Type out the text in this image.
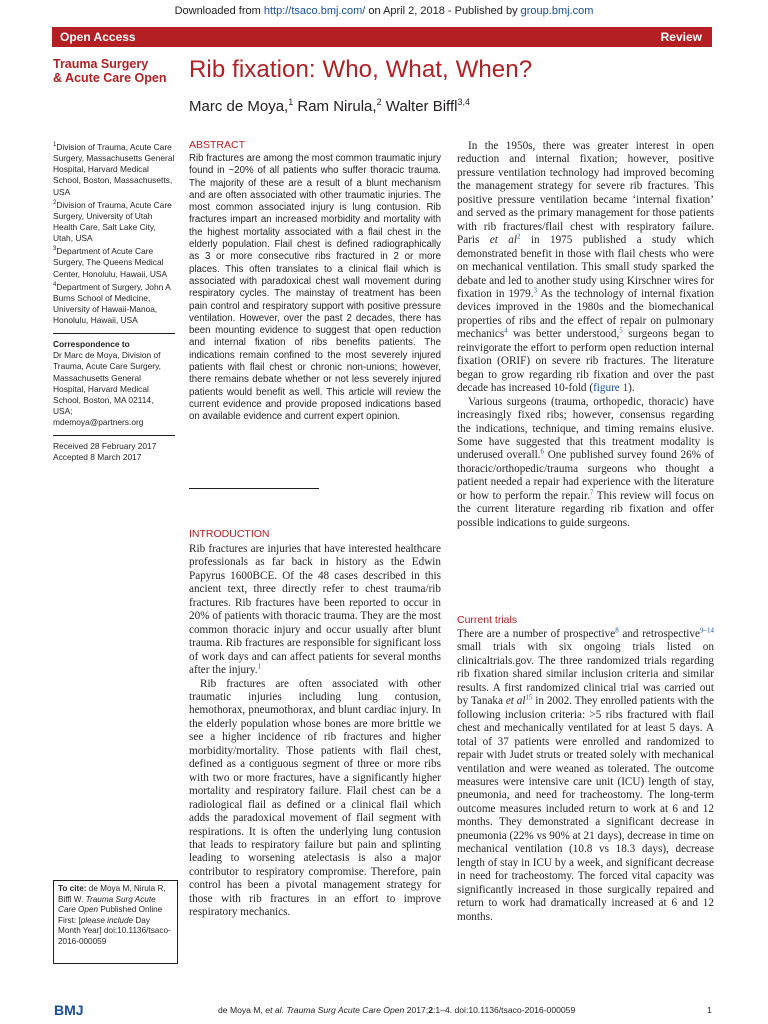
Downloaded from http://tsaco.bmj.com/ on April 2, 2018 - Published by group.bmj.com
Open Access	Review
Trauma Surgery
& Acute Care Open Rib fixation: Who, What, When?
Marc de Moya,$^1$ Ram Nirula,$^2$ Walter Biffl$^{3,4}$

$^1$Division of Trauma, Acute Care Surgery, Massachusetts General Hospital, Harvard Medical School, Boston, Massachusetts, USA

$^2$Division of Trauma, Acute Care Surgery, University of Utah Health Care, Salt Lake City, Utah, USA

$^3$Department of Acute Care Surgery, The Queens Medical Center, Honolulu, Hawaii, USA

$^4$Department of Surgery, John A Burns School of Medicine, University of Hawaii-Manoa, Honolulu, Hawaii, USA

Correspondence to
Dr Marc de Moya, Division of Trauma, Acute Care Surgery, Massachusetts General Hospital, Harvard Medical School, Boston, MA 02114, USA;
mdemoya@partners.org
Received 28 February 2017
Accepted 8 March 2017
To cite: de Moya M, Nirula R, Biffl W. Trauma Surg Acute Care Open Published Online First: [please include Day Month Year] doi:10.1136/tsaco-2016-000059
ABSTRACT
Rib fractures are among the most common traumatic injury found in ~20% of all patients who suffer thoracic trauma. The majority of these are a result of a blunt mechanism and are often associated with other traumatic injuries. The most common associated injury is lung contusion. Rib fractures impart an increased morbidity and mortality with the highest mortality associated with a flail chest in the elderly population. Flail chest is defined radiographically as 3 or more consecutive ribs fractured in 2 or more places. This often translates to a clinical flail which is associated with paradoxical chest wall movement during respiratory cycles. The mainstay of treatment has been pain control and respiratory support with positive pressure ventilation. However, over the past 2 decades, there has been mounting evidence to suggest that open reduction and internal fixation of ribs benefits patients. The indications remain confined to the most severely injured patients with flail chest or chronic non-unions; however, there remains debate whether or not less severely injured patients would benefit as well. This article will review the current evidence and provide proposed indications based on available evidence and current expert opinion.
INTRODUCTION

Rib fractures are injuries that have interested healthcare professionals as far back in history as the Edwin Papyrus 1600BCE. Of the 48 cases described in this ancient text, three directly refer to chest trauma/rib fractures. Rib fractures have been reported to occur in 20% of patients with thoracic trauma. They are the most common thoracic injury and occur usually after blunt trauma. Rib fractures are responsible for significant loss of work days and can affect patients for several months after the injury.$^1$

Rib fractures are often associated with other traumatic injuries including lung contusion, hemothorax, pneumothorax, and blunt cardiac injury. In the elderly population whose bones are more brittle we see a higher incidence of rib fractures and higher morbidity/mortality. Those patients with flail chest, defined as a contiguous segment of three or more ribs with two or more fractures, have a significantly higher mortality and respiratory failure. Flail chest can be a radiological flail as defined or a clinical flail which adds the paradoxical movement of flail segment with respirations. It is often the underlying lung contusion that leads to respiratory failure but pain and splinting leading to worsening atelectasis is also a major contributor to respiratory compromise. Therefore, pain control has been a pivotal management strategy for those with rib fractures in an effort to improve respiratory mechanics.

In the 1950s, there was greater interest in open reduction and internal fixation; however, positive pressure ventilation technology had improved becoming the management strategy for severe rib fractures. This positive pressure ventilation became ‘internal fixation’ and served as the primary management for those patients with rib fractures/flail chest with respiratory failure. Paris et al$^2$ in 1975 published a study which demonstrated benefit in those with flail chests who were on mechanical ventilation. This small study sparked the debate and led to another study using Kirschner wires for fixation in 1979.$^3$ As the technology of internal fixation devices improved in the 1980s and the biomechanical properties of ribs and the effect of repair on pulmonary mechanics$^4$ was better understood,$^5$ surgeons began to reinvigorate the effort to perform open reduction internal fixation (ORIF) on severe rib fractures. The literature began to grow regarding rib fixation and over the past decade has increased 10-fold (figure 1).

Various surgeons (trauma, orthopedic, thoracic) have increasingly fixed ribs; however, consensus regarding the indications, technique, and timing remains elusive. Some have suggested that this treatment modality is underused overall.$^6$ One published survey found 26% of thoracic/orthopedic/trauma surgeons who thought a patient needed a repair had experience with the literature or how to perform the repair.$^7$ This review will focus on the current literature regarding rib fixation and offer possible indications to guide surgeons.

Current trials

There are a number of prospective$^8$ and retrospective$^{9-14}$ small trials with six ongoing trials listed on clinicaltrials.gov. The three randomized trials regarding rib fixation shared similar inclusion criteria and similar results. A first randomized clinical trial was carried out by Tanaka et al$^{15}$ in 2002. They enrolled patients with the following inclusion criteria: >5 ribs fractured with flail chest and mechanically ventilated for at least 5 days. A total of 37 patients were enrolled and randomized to repair with Judet struts or treated solely with mechanical ventilation and were weaned as tolerated. The outcome measures were intensive care unit (ICU) length of stay, pneumonia, and need for tracheostomy. The long-term outcome measures included return to work at 6 and 12 months. They demonstrated a significant decrease in pneumonia (22% vs 90% at 21 days), decrease in time on mechanical ventilation (10.8 vs 18.3 days), decrease length of stay in ICU by a week, and significant decrease in need for tracheostomy. The forced vital capacity was significantly increased in those surgically repaired and return to work had dramatically increased at 6 and 12 months.

BMJ	de Moya M, et al. Trauma Surg Acute Care Open 2017;2:1–4. doi:10.1136/tsaco-2016-000059	1
